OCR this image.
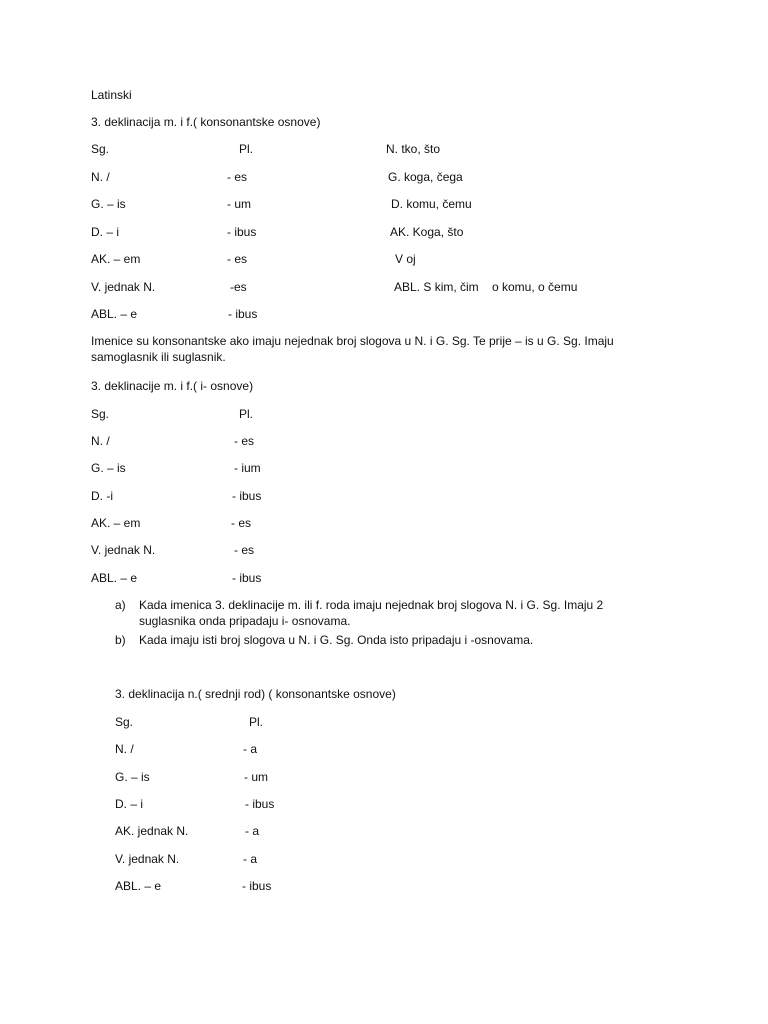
Latinski
3. deklinacija m. i f.( konsonantske osnove)
Sg.	Pl.	N. tko, što
N. /	- es	G. koga, čega
G. – is	- um	D. komu, čemu
D. – i	- ibus	AK. Koga, što
AK. – em	- es	V oj
V. jednak N.	-es	ABL. S kim, čim o komu, o čemu
ABL. – e	- ibus
Imenice su konsonantske ako imaju nejednak broj slogova u N. i G. Sg. Te prije – is u G. Sg. Imaju samoglasnik ili suglasnik.
3. deklinacije m. i f.( i- osnove)
Sg.	Pl.
N. /	- es
G. – is	- ium
D. -i	- ibus
AK. – em	- es
V. jednak N.	- es
ABL. – e	- ibus
a) Kada imenica 3. deklinacije m. ili f. roda imaju nejednak broj slogova N. i G. Sg. Imaju 2 suglasnika onda pripadaju i- osnovama.
b) Kada imaju isti broj slogova u N. i G. Sg. Onda isto pripadaju i -osnovama.
3. deklinacija n.( srednji rod) ( konsonantske osnove)
Sg.	Pl.
N. /	- a
G. – is	- um
D. – i	- ibus
AK. jednak N.	- a
V. jednak N.	- a
ABL. – e	- ibus
